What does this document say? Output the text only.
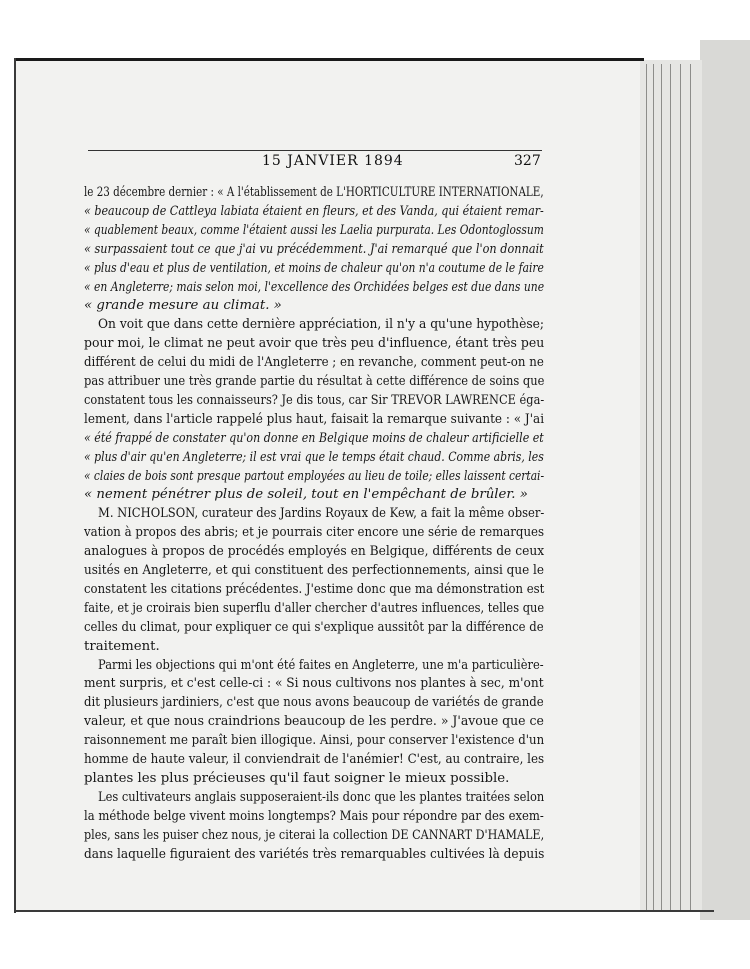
15 JANVIER 1894	327
le 23 décembre dernier : « A l'établissement de L'HORTICULTURE INTERNATIONALE,
« beaucoup de Cattleya labiata étaient en fleurs, et des Vanda, qui étaient remar-
« quablement beaux, comme l'étaient aussi les Laelia purpurata. Les Odontoglossum
« surpassaient tout ce que j'ai vu précédemment. J'ai remarqué que l'on donnait
« plus d'eau et plus de ventilation, et moins de chaleur qu'on n'a coutume de le faire
« en Angleterre; mais selon moi, l'excellence des Orchidées belges est due dans une
« grande mesure au climat. »
On voit que dans cette dernière appréciation, il n'y a qu'une hypothèse;
pour moi, le climat ne peut avoir que très peu d'influence, étant très peu
différent de celui du midi de l'Angleterre ; en revanche, comment peut-on ne
pas attribuer une très grande partie du résultat à cette différence de soins que
constatent tous les connaisseurs? Je dis tous, car Sir TREVOR LAWRENCE éga-
lement, dans l'article rappelé plus haut, faisait la remarque suivante : « J'ai
« été frappé de constater qu'on donne en Belgique moins de chaleur artificielle et
« plus d'air qu'en Angleterre; il est vrai que le temps était chaud. Comme abris, les
« claies de bois sont presque partout employées au lieu de toile; elles laissent certai-
« nement pénétrer plus de soleil, tout en l'empêchant de brûler. »
M. NICHOLSON, curateur des Jardins Royaux de Kew, a fait la même obser-
vation à propos des abris; et je pourrais citer encore une série de remarques
analogues à propos de procédés employés en Belgique, différents de ceux
usités en Angleterre, et qui constituent des perfectionnements, ainsi que le
constatent les citations précédentes. J'estime donc que ma démonstration est
faite, et je croirais bien superflu d'aller chercher d'autres influences, telles que
celles du climat, pour expliquer ce qui s'explique aussitôt par la différence de
traitement.
Parmi les objections qui m'ont été faites en Angleterre, une m'a particulière-
ment surpris, et c'est celle-ci : « Si nous cultivons nos plantes à sec, m'ont
dit plusieurs jardiniers, c'est que nous avons beaucoup de variétés de grande
valeur, et que nous craindrions beaucoup de les perdre. » J'avoue que ce
raisonnement me paraît bien illogique. Ainsi, pour conserver l'existence d'un
homme de haute valeur, il conviendrait de l'anémier! C'est, au contraire, les
plantes les plus précieuses qu'il faut soigner le mieux possible.
Les cultivateurs anglais supposeraient-ils donc que les plantes traitées selon
la méthode belge vivent moins longtemps? Mais pour répondre par des exem-
ples, sans les puiser chez nous, je citerai la collection DE CANNART D'HAMALE,
dans laquelle figuraient des variétés très remarquables cultivées là depuis
